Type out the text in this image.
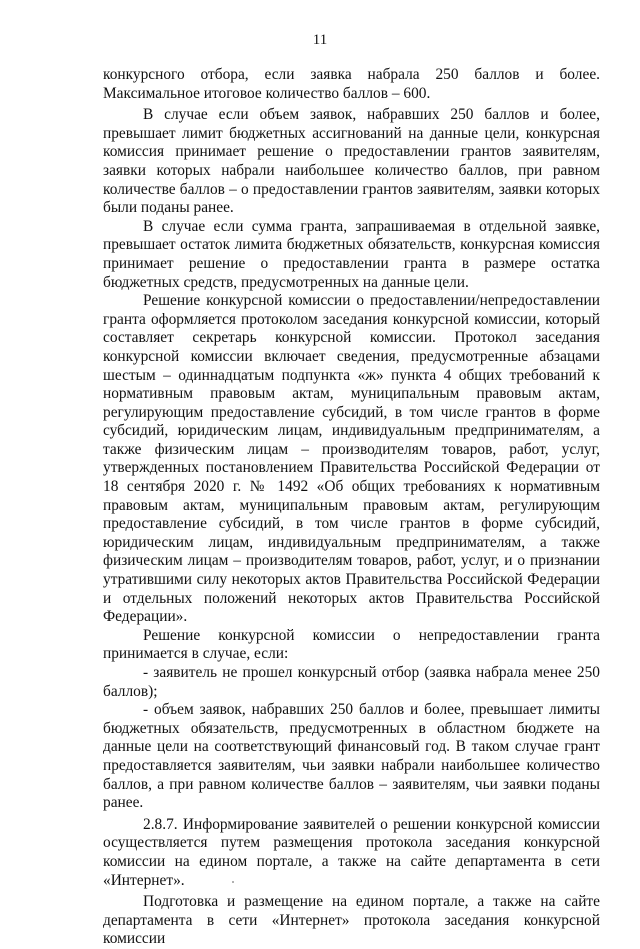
11

конкурсного отбора, если заявка набрала 250 баллов и более. Максимальное итоговое количество баллов – 600.

В случае если объем заявок, набравших 250 баллов и более, превышает лимит бюджетных ассигнований на данные цели, конкурсная комиссия принимает решение о предоставлении грантов заявителям, заявки которых набрали наибольшее количество баллов, при равном количестве баллов – о предоставлении грантов заявителям, заявки которых были поданы ранее.

В случае если сумма гранта, запрашиваемая в отдельной заявке, превышает остаток лимита бюджетных обязательств, конкурсная комиссия принимает решение о предоставлении гранта в размере остатка бюджетных средств, предусмотренных на данные цели.

Решение конкурсной комиссии о предоставлении/непредоставлении гранта оформляется протоколом заседания конкурсной комиссии, который составляет секретарь конкурсной комиссии. Протокол заседания конкурсной комиссии включает сведения, предусмотренные абзацами шестым – одиннадцатым подпункта «ж» пункта 4 общих требований к нормативным правовым актам, муниципальным правовым актам, регулирующим предоставление субсидий, в том числе грантов в форме субсидий, юридическим лицам, индивидуальным предпринимателям, а также физическим лицам – производителям товаров, работ, услуг, утвержденных постановлением Правительства Российской Федерации от 18 сентября 2020 г. № 1492 «Об общих требованиях к нормативным правовым актам, муниципальным правовым актам, регулирующим предоставление субсидий, в том числе грантов в форме субсидий, юридическим лицам, индивидуальным предпринимателям, а также физическим лицам – производителям товаров, работ, услуг, и о признании утратившими силу некоторых актов Правительства Российской Федерации и отдельных положений некоторых актов Правительства Российской Федерации».

Решение конкурсной комиссии о непредоставлении гранта принимается в случае, если:

- заявитель не прошел конкурсный отбор (заявка набрала менее 250 баллов);

- объем заявок, набравших 250 баллов и более, превышает лимиты бюджетных обязательств, предусмотренных в областном бюджете на данные цели на соответствующий финансовый год. В таком случае грант предоставляется заявителям, чьи заявки набрали наибольшее количество баллов, а при равном количестве баллов – заявителям, чьи заявки поданы ранее.

2.8.7. Информирование заявителей о решении конкурсной комиссии осуществляется путем размещения протокола заседания конкурсной комиссии на едином портале, а также на сайте департамента в сети «Интернет».

Подготовка и размещение на едином портале, а также на сайте департамента в сети «Интернет» протокола заседания конкурсной комиссии
